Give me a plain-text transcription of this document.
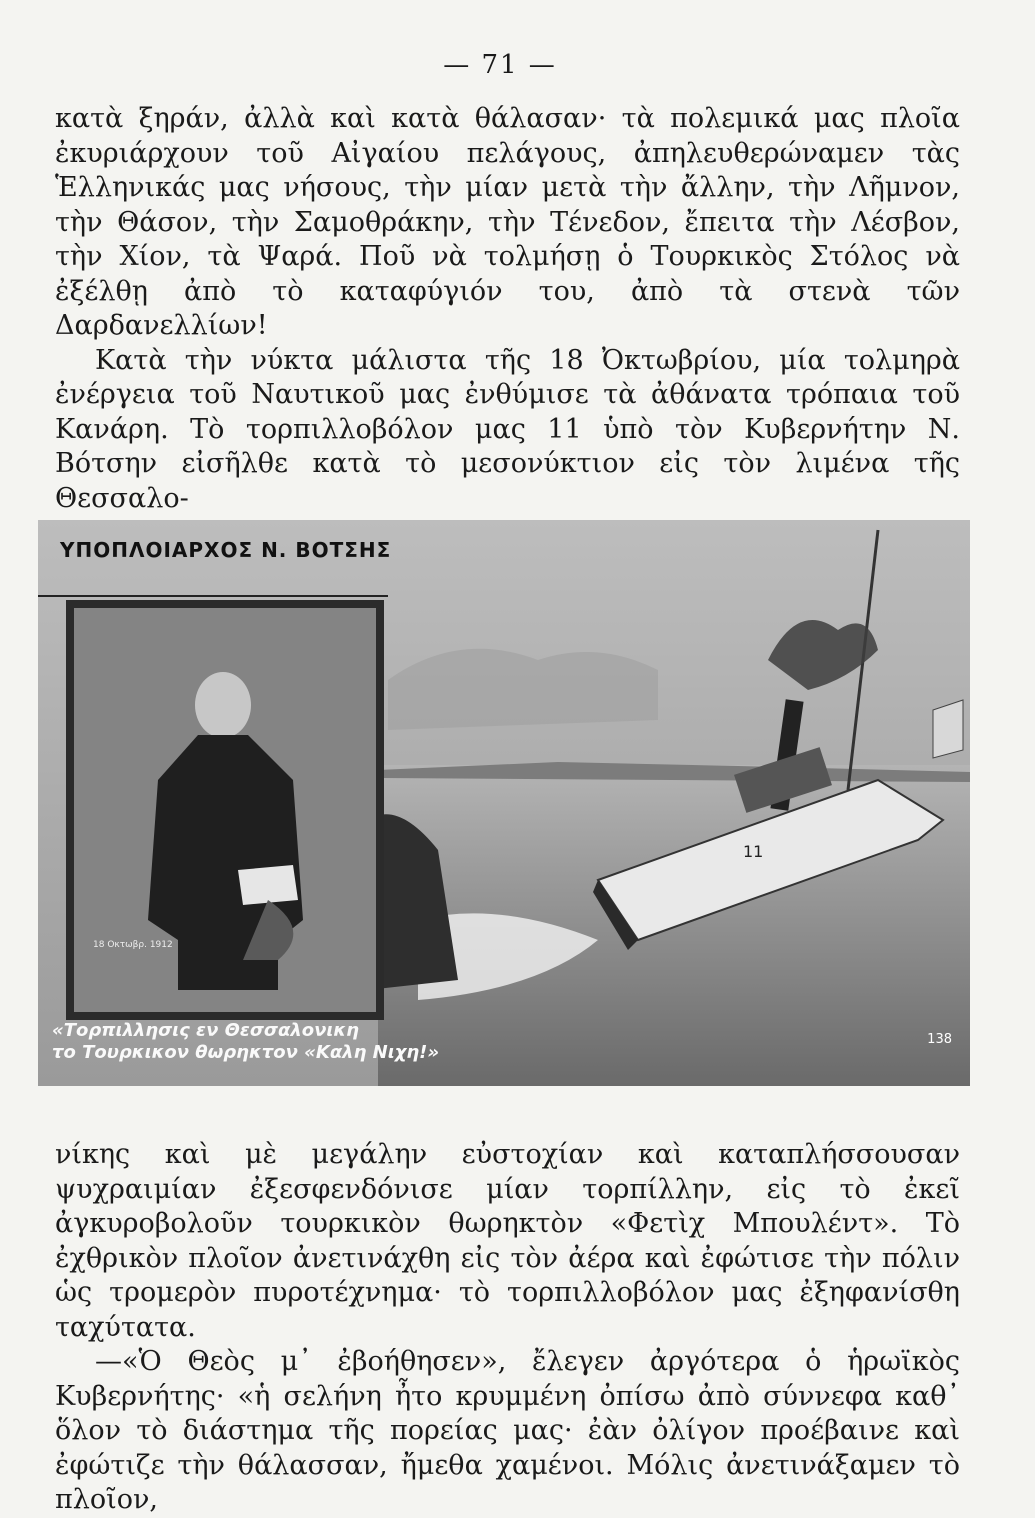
— 71 —

κατὰ ξηράν, ἀλλὰ καὶ κατὰ θάλασαν· τὰ πολεμικά μας πλοῖα ἐκυριάρχουν τοῦ Αἰγαίου πελάγους, ἀπηλευθερώναμεν τὰς Ἑλληνικάς μας νήσους, τὴν μίαν μετὰ τὴν ἄλλην, τὴν Λῆμνον, τὴν Θάσον, τὴν Σαμοθράκην, τὴν Τένεδον, ἔπειτα τὴν Λέσβον, τὴν Χίον, τὰ Ψαρά. Ποῦ νὰ τολμήσῃ ὁ Τουρκικὸς Στόλος νὰ ἐξέλθῃ ἀπὸ τὸ καταφύγιόν του, ἀπὸ τὰ στενὰ τῶν Δαρδανελλίων!

Κατὰ τὴν νύκτα μάλιστα τῆς 18 Ὀκτωβρίου, μία τολμηρὰ ἐνέργεια τοῦ Ναυτικοῦ μας ἐνθύμισε τὰ ἀθάνατα τρόπαια τοῦ Κανάρη. Τὸ τορπιλλοβόλον μας 11 ὑπὸ τὸν Κυβερνήτην Ν. Βότσην εἰσῆλθε κατὰ τὸ μεσονύκτιον εἰς τὸν λιμένα τῆς Θεσσαλο-

ΥΠΟΠΛΟΙΑΡΧΟΣ Ν. ΒΟΤΣΗΣ
18 Οκτωβρ. 1912
«Τορπιλλησις εν Θεσσαλονικη
το Τουρκικον θωρηκτον «Καλη Νιχη!»
138
11

νίκης καὶ μὲ μεγάλην εὐστοχίαν καὶ καταπλήσσουσαν ψυχραιμίαν ἐξεσφενδόνισε μίαν τορπίλλην, εἰς τὸ ἐκεῖ ἀγκυροβολοῦν τουρκικὸν θωρηκτὸν «Φετὶχ Μπουλέντ». Τὸ ἐχθρικὸν πλοῖον ἀνετινάχθη εἰς τὸν ἀέρα καὶ ἐφώτισε τὴν πόλιν ὡς τρομερὸν πυροτέχνημα· τὸ τορπιλλοβόλον μας ἐξηφανίσθη ταχύτατα.

—«Ὁ Θεὸς μ᾽ ἐβοήθησεν», ἔλεγεν ἀργότερα ὁ ἡρωϊκὸς Κυβερνήτης· «ἡ σελήνη ἦτο κρυμμένη ὀπίσω ἀπὸ σύννεφα καθ᾽ ὅλον τὸ διάστημα τῆς πορείας μας· ἐὰν ὀλίγον προέβαινε καὶ ἐφώτιζε τὴν θάλασσαν, ἤμεθα χαμένοι. Μόλις ἀνετινάξαμεν τὸ πλοῖον,
